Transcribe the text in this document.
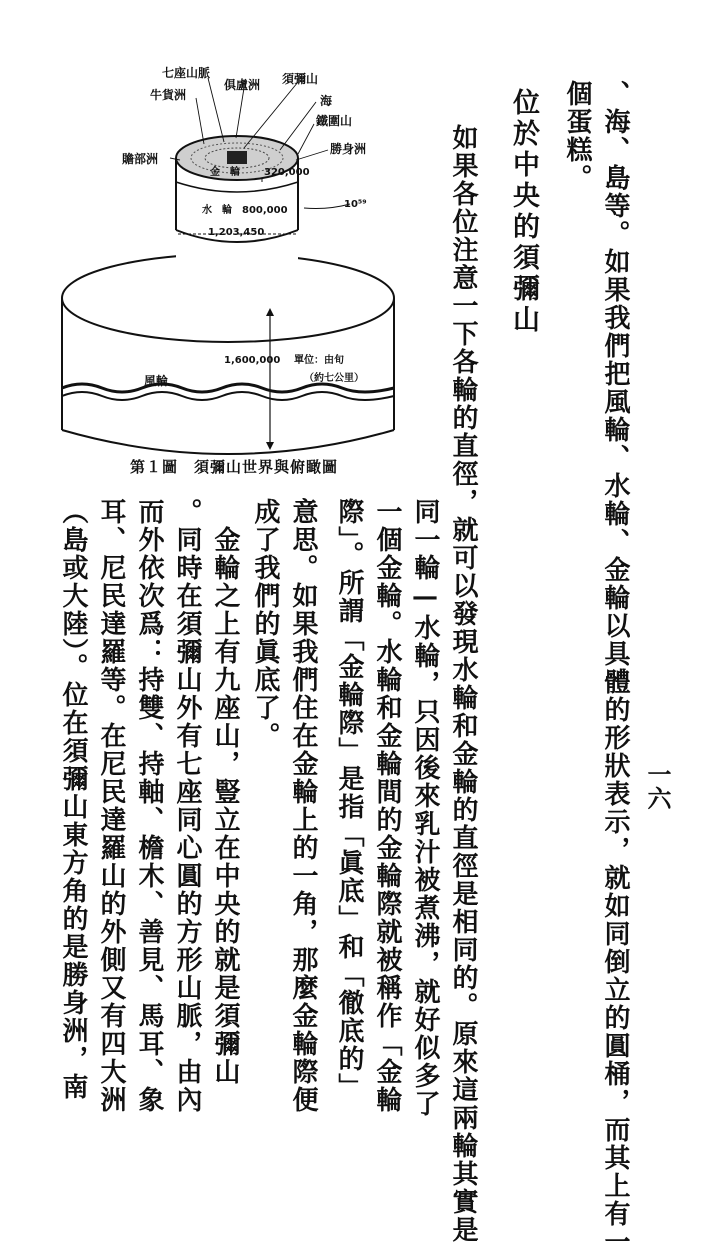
一六
、海、島等。如果我們把風輪、水輪、金輪以具體的形狀表示，就如同倒立的圓桶，而其上有一
個蛋糕。
位於中央的須彌山
如果各位注意一下各輪的直徑，就可以發現水輪和金輪的直徑是相同的。原來這兩輪其實是
同一輪—水輪，只因後來乳汁被煮沸，就好似多了
一個金輪。水輪和金輪間的金輪際就被稱作「金輪
際」。所謂「金輪際」是指「眞底」和「徹底的」
意思。如果我們住在金輪上的一角，那麼金輪際便
成了我們的眞底了。
　金輪之上有九座山，豎立在中央的就是須彌山
。同時在須彌山外有七座同心圓的方形山脈，由內
而外依次爲：持雙、持軸、檐木、善見、馬耳、象
耳、尼民達羅等。在尼民達羅山的外側又有四大洲
（島或大陸）。位在須彌山東方角的是勝身洲，南
七座山脈
牛貨洲
俱盧洲 須彌山
海
鐵圍山
贍部洲
勝身洲
金　輪 320,000
水　輪　800,000
1,203,450
10⁵⁹
1,600,000 單位：由旬
（約七公里）
風輪
第１圖　須彌山世界與俯瞰圖
